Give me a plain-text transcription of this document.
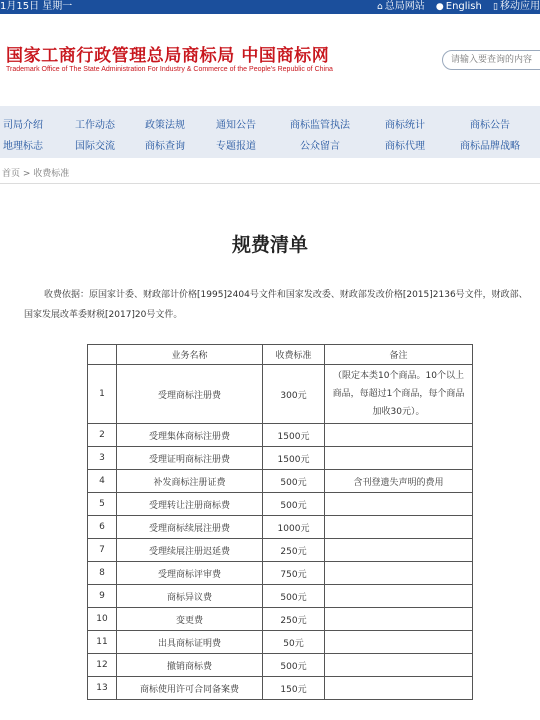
1月15日 星期一	⌂ 总局网站 ● English ▯ 移动应用
国家工商行政管理总局商标局 中国商标网
Trademark Office of The State Administration For Industry & Commerce of the People's Republic of China
请输入要查询的内容
司局介绍	工作动态	政策法规	通知公告	商标监管执法	商标统计	商标公告
地理标志	国际交流	商标查询	专题报道	公众留言	商标代理	商标品牌战略
首页 > 收费标准
规费清单

收费依据：原国家计委、财政部计价格[1995]2404号文件和国家发改委、财政部发改价格[2015]2136号文件，财政部、国家发展改革委财税[2017]20号文件。

	业务名称	收费标准	备注
1	受理商标注册费	300元	（限定本类10个商品。10个以上商品，每超过1个商品，每个商品加收30元）。
2	受理集体商标注册费	1500元	
3	受理证明商标注册费	1500元	
4	补发商标注册证费	500元	含刊登遗失声明的费用
5	受理转让注册商标费	500元	
6	受理商标续展注册费	1000元	
7	受理续展注册迟延费	250元	
8	受理商标评审费	750元	
9	商标异议费	500元	
10	变更费	250元	
11	出具商标证明费	50元	
12	撤销商标费	500元	
13	商标使用许可合同备案费	150元	
